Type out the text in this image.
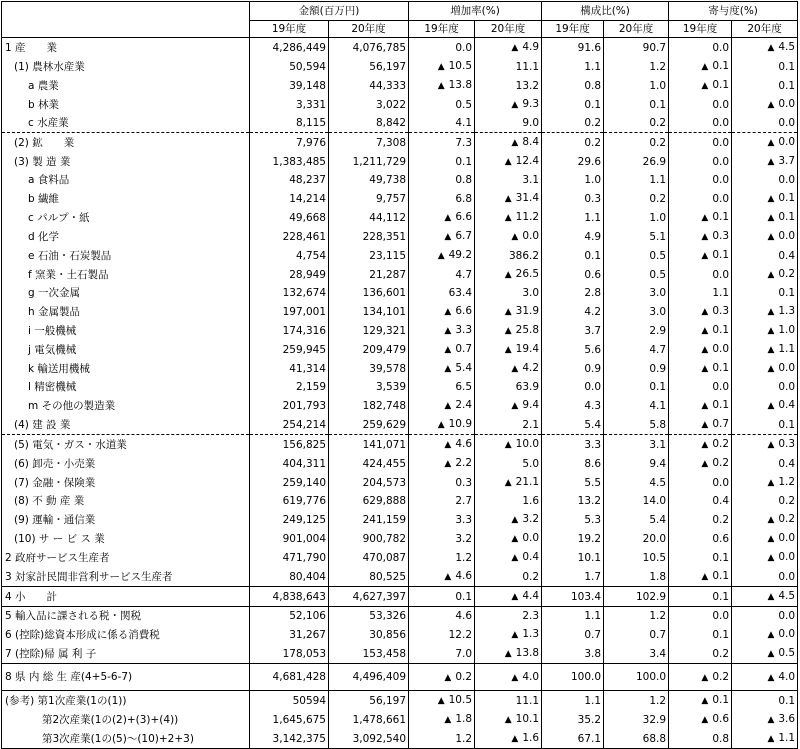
	金額(百万円)		増加率(%)		構成比(%)		寄与度(%)	
	19年度	20年度	19年度	20年度	19年度	20年度	19年度	20年度
1 産　　業	4,286,449	4,076,785	0.0	▲ 4.9	91.6	90.7	0.0	▲ 4.5
(1) 農林水産業	50,594	56,197	▲ 10.5	11.1	1.1	1.2	▲ 0.1	0.1
a 農業	39,148	44,333	▲ 13.8	13.2	0.8	1.0	▲ 0.1	0.1
b 林業	3,331	3,022	0.5	▲ 9.3	0.1	0.1	0.0	▲ 0.0
c 水産業	8,115	8,842	4.1	9.0	0.2	0.2	0.0	0.0
(2) 鉱　　業	7,976	7,308	7.3	▲ 8.4	0.2	0.2	0.0	▲ 0.0
(3) 製 造 業	1,383,485	1,211,729	0.1	▲ 12.4	29.6	26.9	0.0	▲ 3.7
a 食料品	48,237	49,738	0.8	3.1	1.0	1.1	0.0	0.0
b 繊維	14,214	9,757	6.8	▲ 31.4	0.3	0.2	0.0	▲ 0.1
c パルプ・紙	49,668	44,112	▲ 6.6	▲ 11.2	1.1	1.0	▲ 0.1	▲ 0.1
d 化学	228,461	228,351	▲ 6.7	▲ 0.0	4.9	5.1	▲ 0.3	▲ 0.0
e 石油・石炭製品	4,754	23,115	▲ 49.2	386.2	0.1	0.5	▲ 0.1	0.4
f 窯業・土石製品	28,949	21,287	4.7	▲ 26.5	0.6	0.5	0.0	▲ 0.2
g 一次金属	132,674	136,601	63.4	3.0	2.8	3.0	1.1	0.1
h 金属製品	197,001	134,101	▲ 6.6	▲ 31.9	4.2	3.0	▲ 0.3	▲ 1.3
i 一般機械	174,316	129,321	▲ 3.3	▲ 25.8	3.7	2.9	▲ 0.1	▲ 1.0
j 電気機械	259,945	209,479	▲ 0.7	▲ 19.4	5.6	4.7	▲ 0.0	▲ 1.1
k 輸送用機械	41,314	39,578	▲ 5.4	▲ 4.2	0.9	0.9	▲ 0.1	▲ 0.0
l 精密機械	2,159	3,539	6.5	63.9	0.0	0.1	0.0	0.0
m その他の製造業	201,793	182,748	▲ 2.4	▲ 9.4	4.3	4.1	▲ 0.1	▲ 0.4
(4) 建 設 業	254,214	259,629	▲ 10.9	2.1	5.4	5.8	▲ 0.7	0.1
(5) 電気・ガス・水道業	156,825	141,071	▲ 4.6	▲ 10.0	3.3	3.1	▲ 0.2	▲ 0.3
(6) 卸売・小売業	404,311	424,455	▲ 2.2	5.0	8.6	9.4	▲ 0.2	0.4
(7) 金融・保険業	259,140	204,573	0.3	▲ 21.1	5.5	4.5	0.0	▲ 1.2
(8) 不 動 産 業	619,776	629,888	2.7	1.6	13.2	14.0	0.4	0.2
(9) 運輸・通信業	249,125	241,159	3.3	▲ 3.2	5.3	5.4	0.2	▲ 0.2
(10) サ ー ビ ス 業	901,004	900,782	3.2	▲ 0.0	19.2	20.0	0.6	▲ 0.0
2 政府サービス生産者	471,790	470,087	1.2	▲ 0.4	10.1	10.5	0.1	▲ 0.0
3 対家計民間非営利サービス生産者	80,404	80,525	▲ 4.6	0.2	1.7	1.8	▲ 0.1	0.0
4 小　　計	4,838,643	4,627,397	0.1	▲ 4.4	103.4	102.9	0.1	▲ 4.5
5 輸入品に課される税・関税	52,106	53,326	4.6	2.3	1.1	1.2	0.0	0.0
6 (控除)総資本形成に係る消費税	31,267	30,856	12.2	▲ 1.3	0.7	0.7	0.1	▲ 0.0
7 (控除)帰 属 利 子	178,053	153,458	7.0	▲ 13.8	3.8	3.4	0.2	▲ 0.5
8 県 内 総 生 産(4+5-6-7)	4,681,428	4,496,409	▲ 0.2	▲ 4.0	100.0	100.0	▲ 0.2	▲ 4.0
(参考) 第1次産業(1の(1))	50594	56,197	▲ 10.5	11.1	1.1	1.2	▲ 0.1	0.1
第2次産業(1の(2)+(3)+(4))	1,645,675	1,478,661	▲ 1.8	▲ 10.1	35.2	32.9	▲ 0.6	▲ 3.6
第3次産業(1の(5)～(10)+2+3)	3,142,375	3,092,540	1.2	▲ 1.6	67.1	68.8	0.8	▲ 1.1
